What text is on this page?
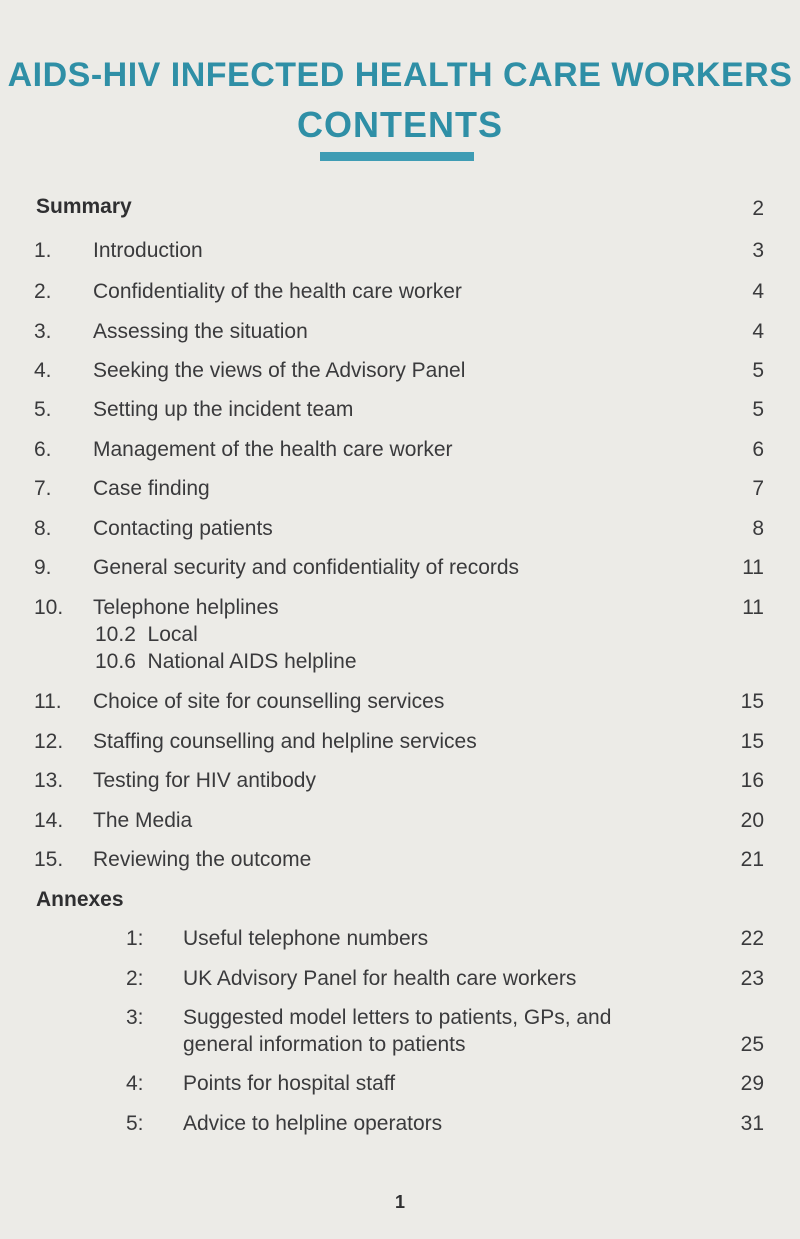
AIDS-HIV INFECTED HEALTH CARE WORKERS
CONTENTS
Summary	2
1.	Introduction	3
2.	Confidentiality of the health care worker	4
3.	Assessing the situation	4
4.	Seeking the views of the Advisory Panel	5
5.	Setting up the incident team	5
6.	Management of the health care worker	6
7.	Case finding	7
8.	Contacting patients	8
9.	General security and confidentiality of records	11
10.	Telephone helplines	11
10.2  Local
10.6  National AIDS helpline
11.	Choice of site for counselling services	15
12.	Staffing counselling and helpline services	15
13.	Testing for HIV antibody	16
14.	The Media	20
15.	Reviewing the outcome	21
Annexes
1: Useful telephone numbers	22
2: UK Advisory Panel for health care workers	23
3: Suggested model letters to patients, GPs, and
general information to patients	25
4: Points for hospital staff	29
5: Advice to helpline operators	31
1
